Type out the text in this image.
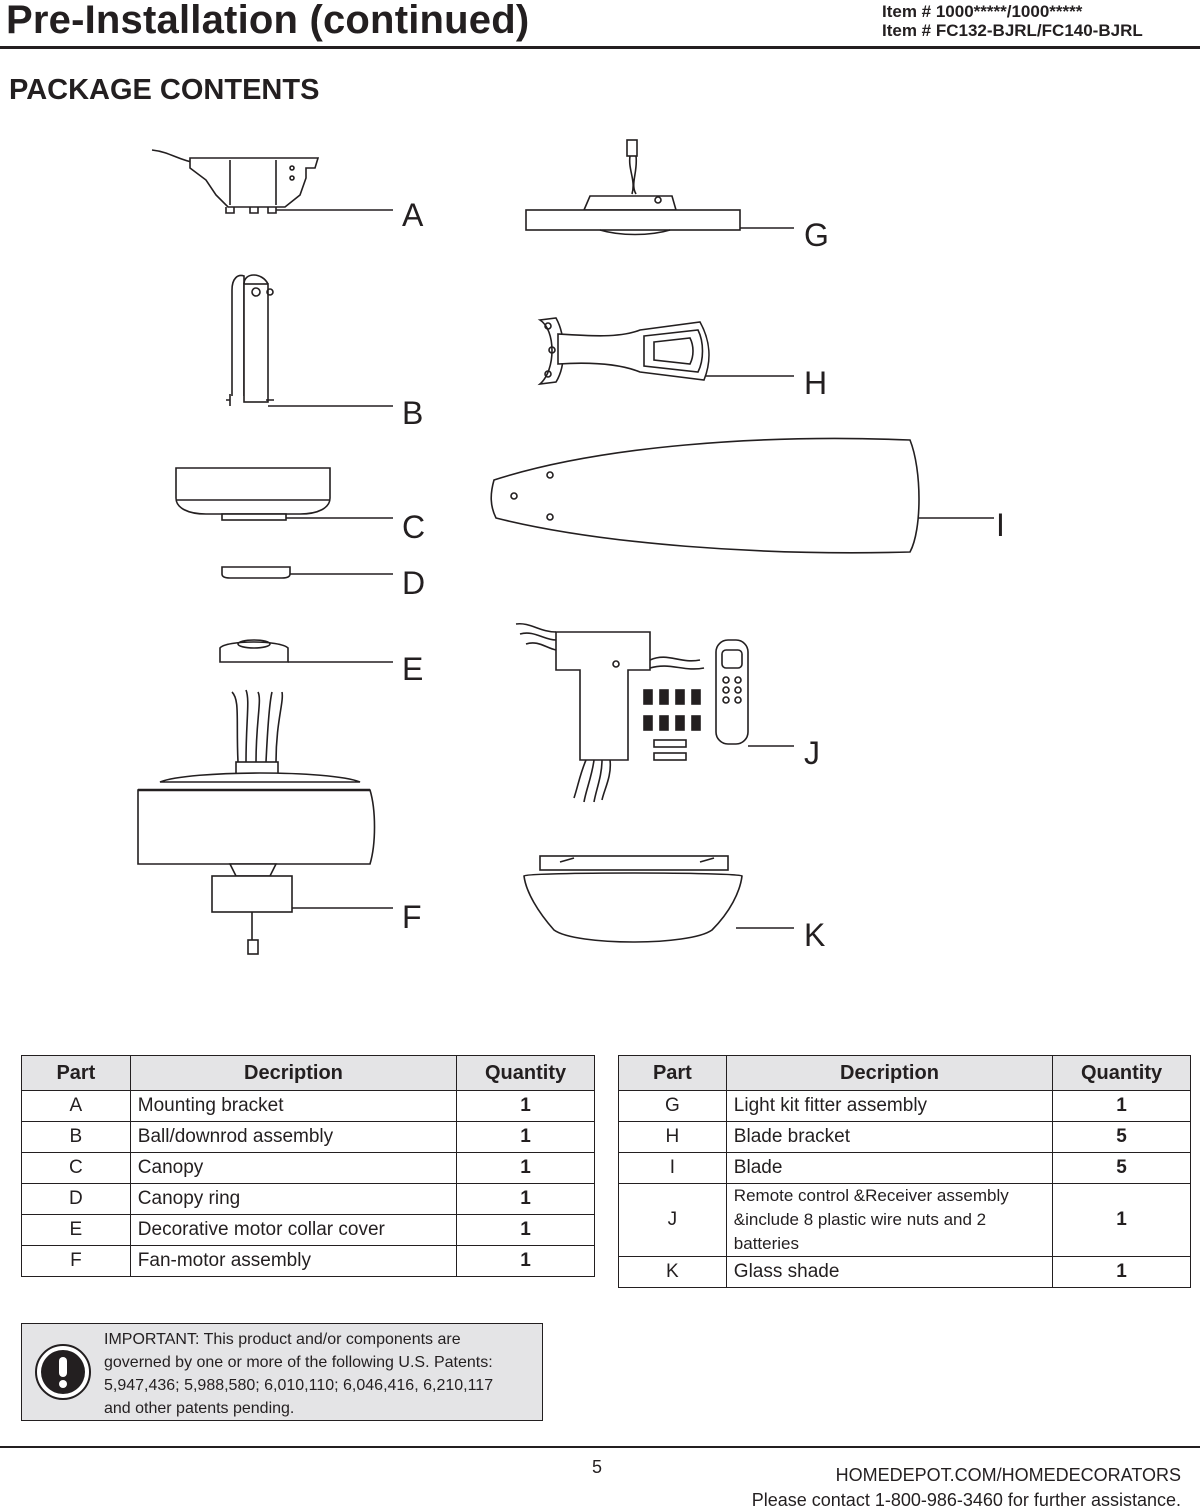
Pre-Installation (continued)	Item # 1000*****/1000*****
Item # FC132-BJRL/FC140-BJRL
PACKAGE CONTENTS
A
B
C
D
E
F
G
H
I
J
K
Part	Decription	Quantity
A	Mounting bracket	1
B	Ball/downrod assembly	1
C	Canopy	1
D	Canopy ring	1
E	Decorative motor collar cover	1
F	Fan-motor assembly	1
Part	Decription	Quantity
G	Light kit fitter assembly	1
H	Blade bracket	5
I	Blade	5
J	Remote control &Receiver assembly
&include 8 plastic wire nuts and 2 batteries	1
K	Glass shade	1
IMPORTANT: This product and/or components are
governed by one or more of the following U.S. Patents:
5,947,436; 5,988,580; 6,010,110; 6,046,416, 6,210,117
and other patents pending.
5	HOMEDEPOT.COM/HOMEDECORATORS
Please contact 1-800-986-3460 for further assistance.
